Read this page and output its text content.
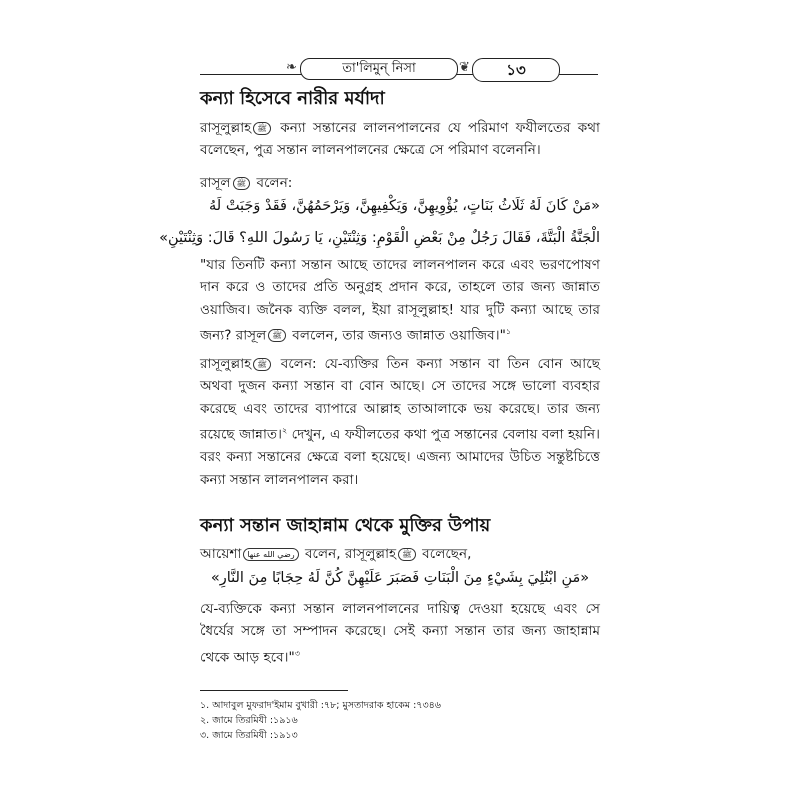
❧	তা'লিমুন্ নিসা	❦	১৩
কন্যা হিসেবে নারীর মর্যাদা

রাসূলুল্লাহ ﷺ কন্যা সন্তানের লালনপালনের যে পরিমাণ ফযীলতের কথা বলেছেন, পুত্র সন্তান লালনপালনের ক্ষেত্রে সে পরিমাণ বলেননি।

রাসূল ﷺ বলেন:

«مَنْ كَانَ لَهُ ثَلَاثُ بَنَاتٍ، يُؤْوِيهِنَّ، وَيَكْفِيهِنَّ، وَيَرْحَمُهُنَّ، فَقَدْ وَجَبَتْ لَهُ
الْجَنَّةُ الْبَتَّةَ، فَقَالَ رَجُلٌ مِنْ بَعْضِ الْقَوْمِ: وَثِنْتَيْنِ، يَا رَسُولَ اللهِ؟ قَالَ: وَثِنْتَيْنِ»

"যার তিনটি কন্যা সন্তান আছে তাদের লালনপালন করে এবং ভরণপোষণ দান করে ও তাদের প্রতি অনুগ্রহ প্রদান করে, তাহলে তার জন্য জান্নাত ওয়াজিব। জনৈক ব্যক্তি বলল, ইয়া রাসূলুল্লাহ! যার দুটি কন্যা আছে তার জন্য? রাসূল ﷺ বললেন, তার জন্যও জান্নাত ওয়াজিব।"$^১$

রাসূলুল্লাহ ﷺ বলেন: যে-ব্যক্তির তিন কন্যা সন্তান বা তিন বোন আছে অথবা দুজন কন্যা সন্তান বা বোন আছে। সে তাদের সঙ্গে ভালো ব্যবহার করেছে এবং তাদের ব্যাপারে আল্লাহ তাআলাকে ভয় করেছে। তার জন্য রয়েছে জান্নাত।$^২$ দেখুন, এ ফযীলতের কথা পুত্র সন্তানের বেলায় বলা হয়নি। বরং কন্যা সন্তানের ক্ষেত্রে বলা হয়েছে। এজন্য আমাদের উচিত সন্তুষ্টচিত্তে কন্যা সন্তান লালনপালন করা।

কন্যা সন্তান জাহান্নাম থেকে মুক্তির উপায়

আয়েশা رضي الله عنها বলেন, রাসূলুল্লাহ ﷺ বলেছেন,

«مَنِ ابْتُلِيَ بِشَيْءٍ مِنَ الْبَنَاتِ فَصَبَرَ عَلَيْهِنَّ كُنَّ لَهُ حِجَابًا مِنَ النَّارِ»

যে-ব্যক্তিকে কন্যা সন্তান লালনপালনের দায়িত্ব দেওয়া হয়েছে এবং সে ধৈর্যের সঙ্গে তা সম্পাদন করেছে। সেই কন্যা সন্তান তার জন্য জাহান্নাম থেকে আড় হবে।"$^৩$

১. আদাবুল মুফরাদ'ইমাম বুখারী :৭৮; মুসতাদরাক হাকেম :৭৩৪৬
২. জামে তিরমিযী :১৯১৬
৩. জামে তিরমিযী :১৯১৩
